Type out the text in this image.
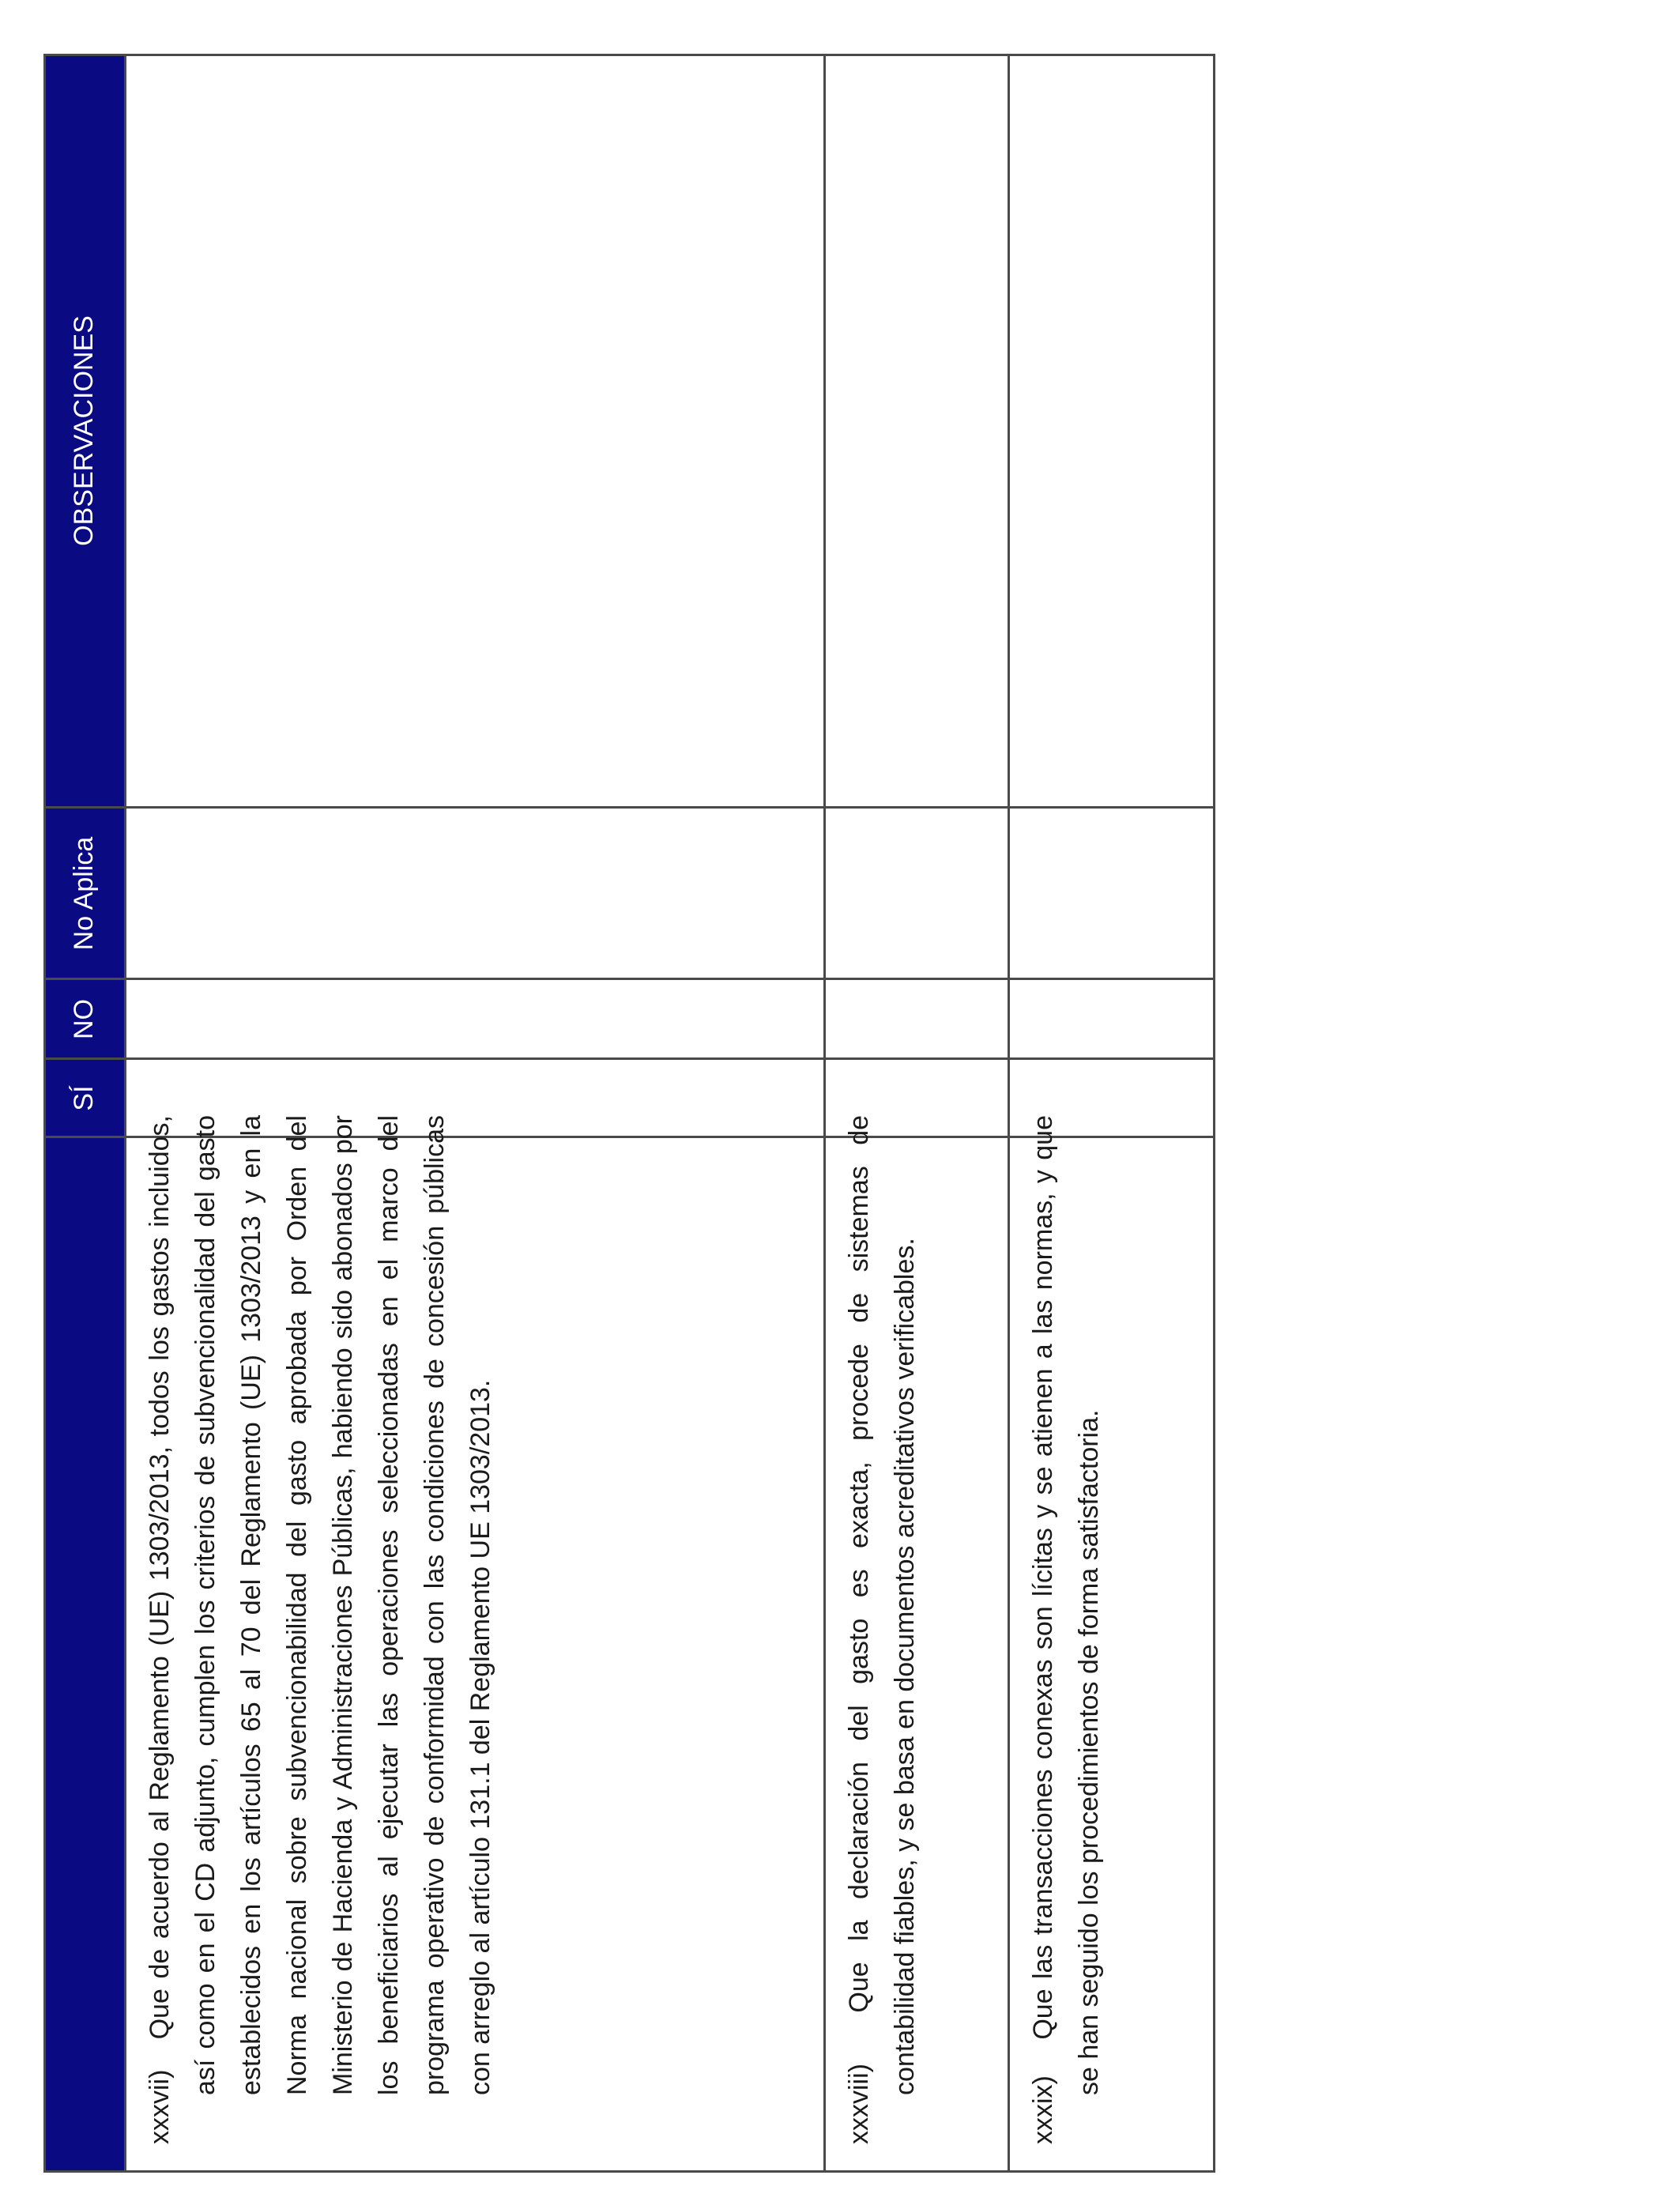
SÍ
NO
No Aplica
OBSERVACIONES
xxxvii) Que de acuerdo al Reglamento (UE) 1303/2013, todos los gastos incluidos, así como en el CD adjunto, cumplen los criterios de subvencionalidad del gasto establecidos en los artículos 65 al 70 del Reglamento (UE) 1303/2013 y en la Norma nacional sobre subvencionabilidad del gasto aprobada por Orden del Ministerio de Hacienda y Administraciones Públicas, habiendo sido abonados por los beneficiarios al ejecutar las operaciones seleccionadas en el marco del programa operativo de conformidad con las condiciones de concesión públicas con arreglo al artículo 131.1 del Reglamento UE 1303/2013.
xxxviii) Que la declaración del gasto es exacta, procede de sistemas de contabilidad fiables, y se basa en documentos acreditativos verificables.
xxxix) Que las transacciones conexas son lícitas y se atienen a las normas, y que se han seguido los procedimientos de forma satisfactoria.
